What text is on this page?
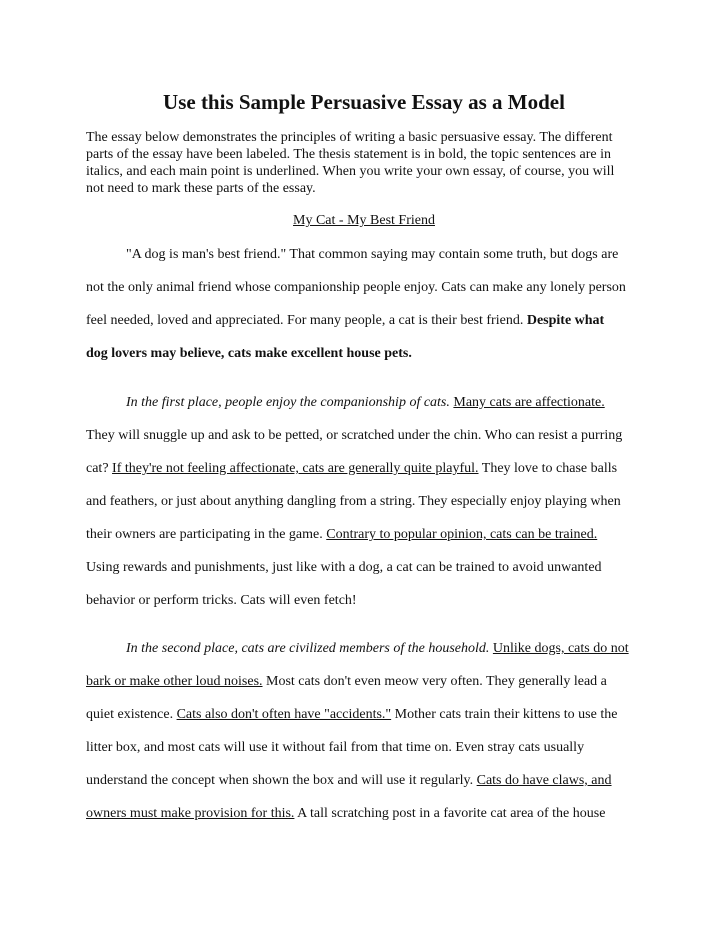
Use this Sample Persuasive Essay as a Model
The essay below demonstrates the principles of writing a basic persuasive essay. The different
parts of the essay have been labeled. The thesis statement is in bold, the topic sentences are in
italics, and each main point is underlined. When you write your own essay, of course, you will
not need to mark these parts of the essay.
My Cat - My Best Friend
"A dog is man's best friend." That common saying may contain some truth, but dogs are
not the only animal friend whose companionship people enjoy. Cats can make any lonely person
feel needed, loved and appreciated. For many people, a cat is their best friend. Despite what
dog lovers may believe, cats make excellent house pets.
In the first place, people enjoy the companionship of cats. Many cats are affectionate.
They will snuggle up and ask to be petted, or scratched under the chin. Who can resist a purring
cat? If they're not feeling affectionate, cats are generally quite playful. They love to chase balls
and feathers, or just about anything dangling from a string. They especially enjoy playing when
their owners are participating in the game. Contrary to popular opinion, cats can be trained.
Using rewards and punishments, just like with a dog, a cat can be trained to avoid unwanted
behavior or perform tricks. Cats will even fetch!
In the second place, cats are civilized members of the household. Unlike dogs, cats do not
bark or make other loud noises. Most cats don't even meow very often. They generally lead a
quiet existence. Cats also don't often have "accidents." Mother cats train their kittens to use the
litter box, and most cats will use it without fail from that time on. Even stray cats usually
understand the concept when shown the box and will use it regularly. Cats do have claws, and
owners must make provision for this. A tall scratching post in a favorite cat area of the house
